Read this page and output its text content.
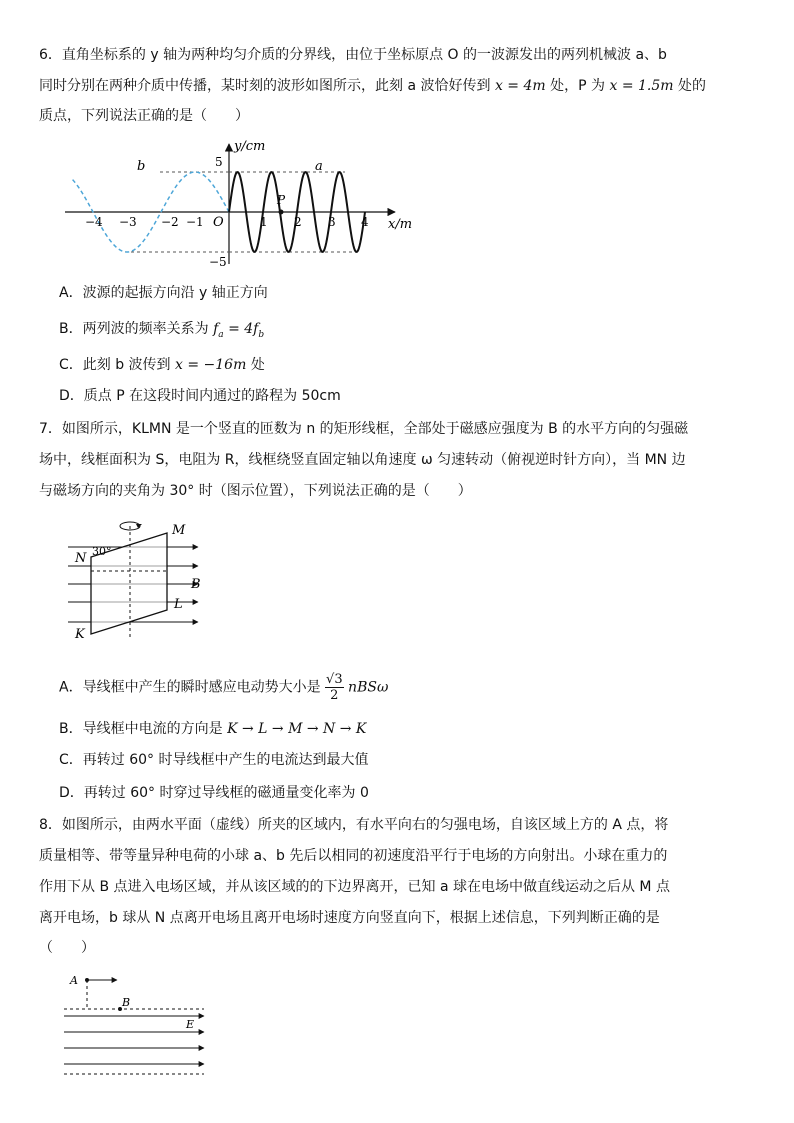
6．直角坐标系的 y 轴为两种均匀介质的分界线，由位于坐标原点 O 的一波源发出的两列机械波 a、b
同时分别在两种介质中传播，某时刻的波形如图所示，此刻 a 波恰好传到 x = 4m 处，P 为 x = 1.5m 处的
质点，下列说法正确的是（　　）
y/cm
x/m
O
a
b
P
5
−5
−4 −3 −2 −1	1 2 3 4
A．波源的起振方向沿 y 轴正方向
B．两列波的频率关系为 $f_a = 4f_b$
C．此刻 b 波传到 x = −16m 处
D．质点 P 在这段时间内通过的路程为 50cm
7．如图所示，KLMN 是一个竖直的匝数为 n 的矩形线框，全部处于磁感应强度为 B 的水平方向的匀强磁
场中，线框面积为 S，电阻为 R，线框绕竖直固定轴以角速度 ω 匀速转动（俯视逆时针方向），当 MN 边
与磁场方向的夹角为 30° 时（图示位置），下列说法正确的是（　　）
M
N
K
L
B
30°
A．导线框中产生的瞬时感应电动势大小是 $\frac{√3}{2}$ nBSω
B．导线框中电流的方向是 K → L → M → N → K
C．再转过 60° 时导线框中产生的电流达到最大值
D．再转过 60° 时穿过导线框的磁通量变化率为 0
8．如图所示，由两水平面（虚线）所夹的区域内，有水平向右的匀强电场，自该区域上方的 A 点，将
质量相等、带等量异种电荷的小球 a、b 先后以相同的初速度沿平行于电场的方向射出。小球在重力的
作用下从 B 点进入电场区域，并从该区域的的下边界离开，已知 a 球在电场中做直线运动之后从 M 点
离开电场，b 球从 N 点离开电场且离开电场时速度方向竖直向下，根据上述信息，下列判断正确的是
（　　）
A
B
E
